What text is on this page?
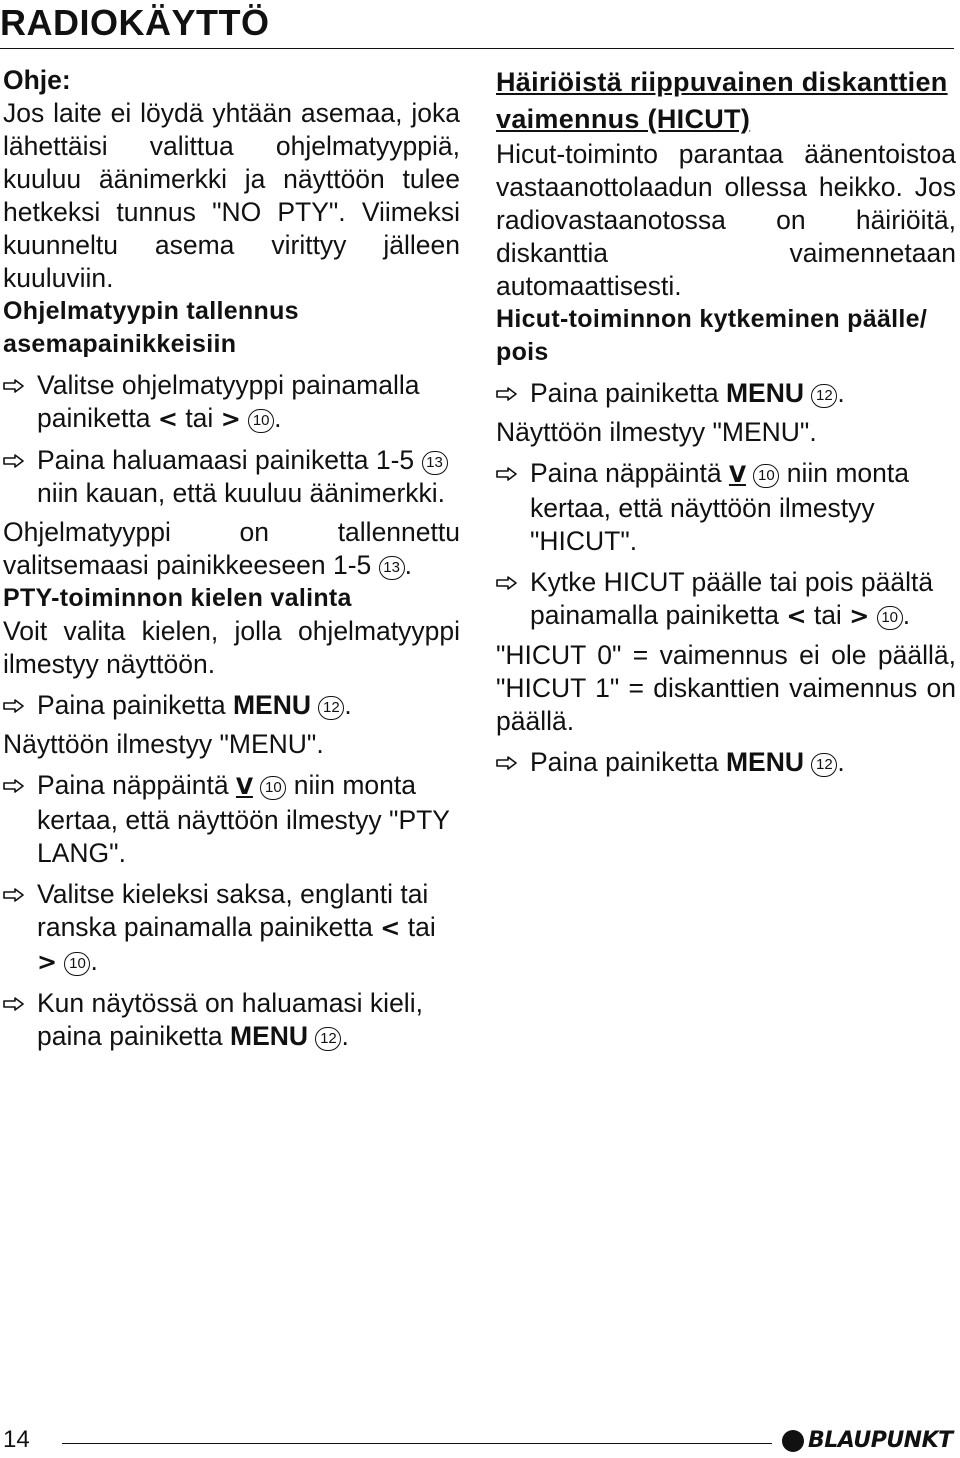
RADIOKÄYTTÖ

Ohje:

Jos laite ei löydä yhtään asemaa, joka lähettäisi valittua ohjelmatyyppiä, kuuluu äänimerkki ja näyttöön tulee hetkeksi tunnus "NO PTY". Viimeksi kuunneltu asema virittyy jälleen kuuluviin.

Ohjelmatyypin tallennus asemapainikkeisiin

Valitse ohjelmatyyppi painamalla painiketta < tai > 10 .
Paina haluamaasi painiketta 1-5 13 niin kauan, että kuuluu äänimerkki.

Ohjelmatyyppi on tallennettu valitsemaasi painikkeeseen 1-5 13 .

PTY-toiminnon kielen valinta

Voit valita kielen, jolla ohjelmatyyppi ilmestyy näyttöön.

Paina painiketta MENU 12 .

Näyttöön ilmestyy "MENU".

Paina näppäintä V 10 niin monta kertaa, että näyttöön ilmestyy "PTY LANG".
Valitse kieleksi saksa, englanti tai ranska painamalla painiketta < tai > 10 .
Kun näytössä on haluamasi kieli, paina painiketta MENU 12 .

Häiriöistä riippuvainen diskanttien vaimennus (HICUT)

Hicut-toiminto parantaa äänentoistoa vastaanottolaadun ollessa heikko. Jos radiovastaanotossa on häiriöitä, diskanttia vaimennetaan automaattisesti.

Hicut-toiminnon kytkeminen päälle/ pois

Paina painiketta MENU 12 .

Näyttöön ilmestyy "MENU".

Paina näppäintä V 10 niin monta kertaa, että näyttöön ilmestyy "HICUT".
Kytke HICUT päälle tai pois päältä painamalla painiketta < tai > 10 .

"HICUT 0" = vaimennus ei ole päällä, "HICUT 1" = diskanttien vaimennus on päällä.

Paina painiketta MENU 12 .
14	BLAUPUNKT
